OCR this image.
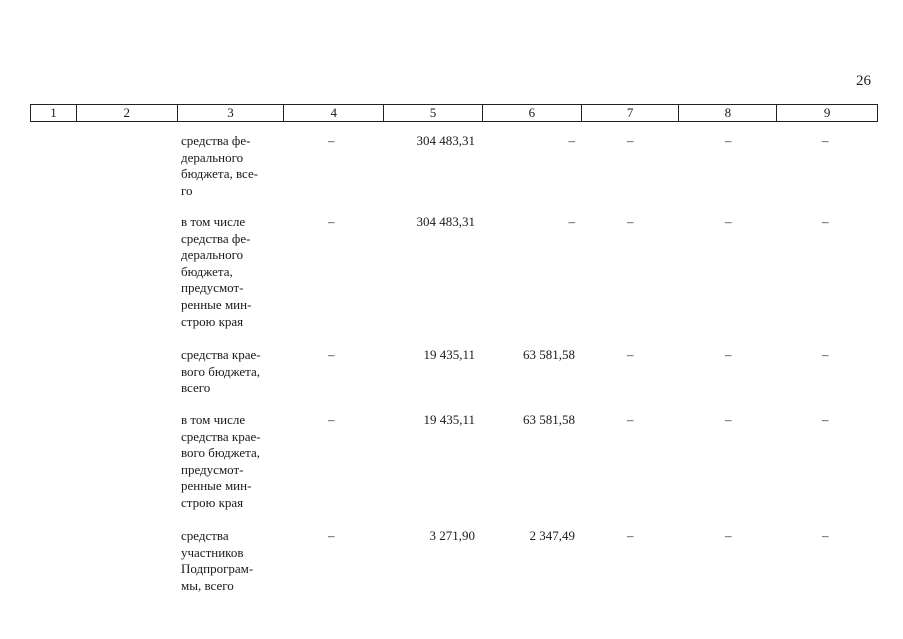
26
1	2	3	4	5	6	7	8	9
средства фе-
дерального
бюджета, все-
го
–	304 483,31	–	–	–	–
в том числе
средства фе-
дерального
бюджета,
предусмот-
ренные мин-
строю края
–	304 483,31	–	–	–	–
средства крае-
вого бюджета,
всего
–	19 435,11	63 581,58	–	–	–
в том числе
средства крае-
вого бюджета,
предусмот-
ренные мин-
строю края
–	19 435,11	63 581,58	–	–	–
средства
участников
Подпрограм-
мы, всего
–	3 271,90	2 347,49	–	–	–
